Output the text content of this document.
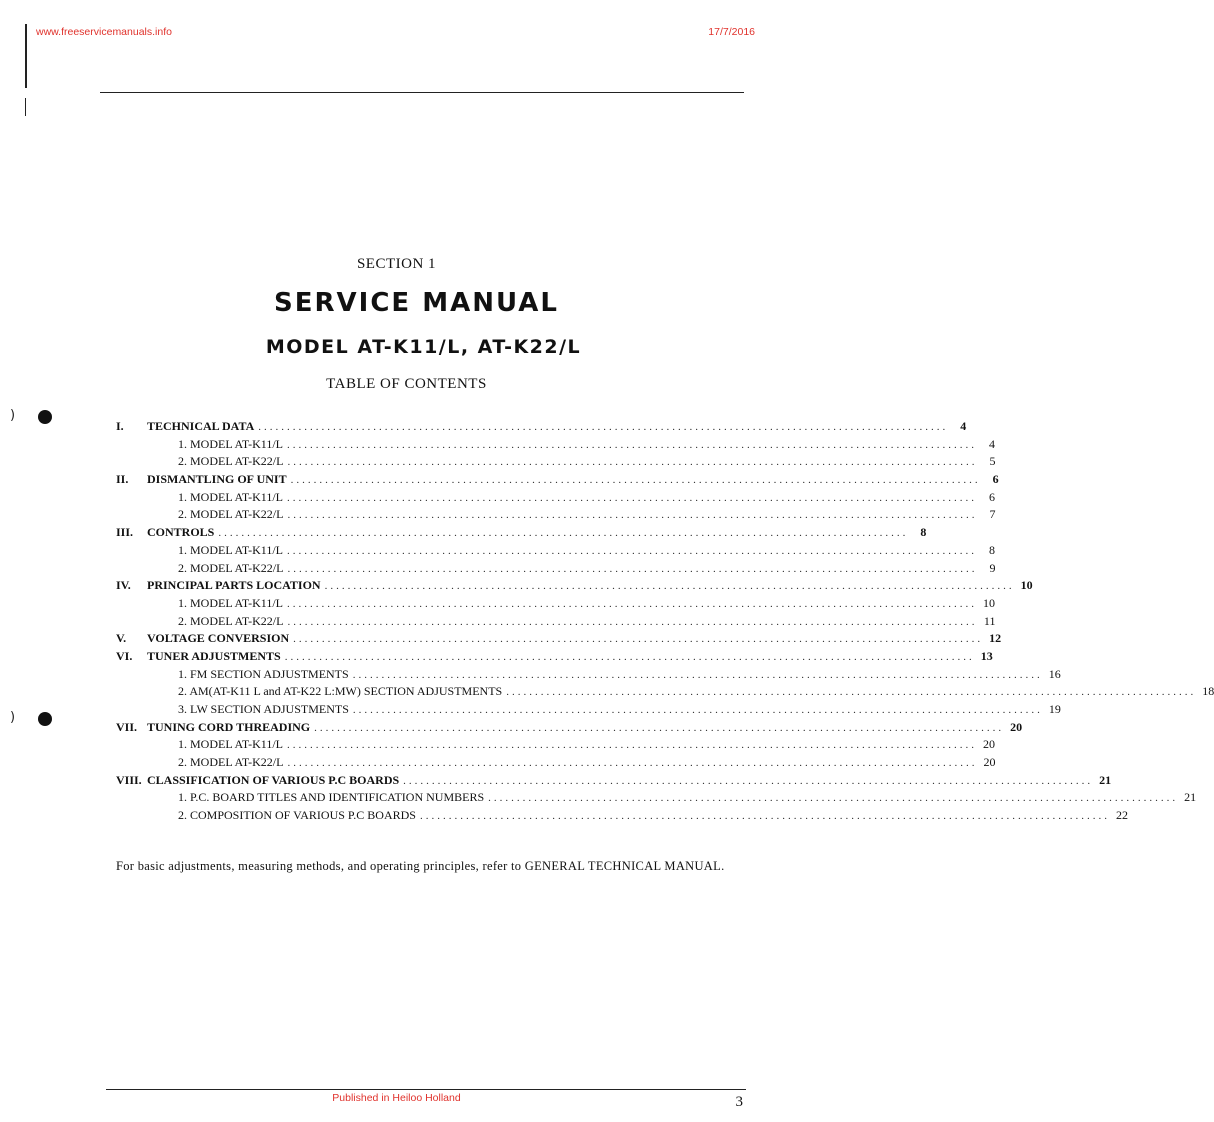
www.freeservicemanuals.info	17/7/2016
SECTION 1
SERVICE MANUAL
MODEL AT-K11/L, AT-K22/L
TABLE OF CONTENTS
)
)
I.	TECHNICAL DATA ........................................................................................................................	4
1. MODEL AT-K11/L ........................................................................................................................	4
2. MODEL AT-K22/L ........................................................................................................................	5
II.	DISMANTLING OF UNIT ........................................................................................................................	6
1. MODEL AT-K11/L ........................................................................................................................	6
2. MODEL AT-K22/L ........................................................................................................................	7
III.	CONTROLS ........................................................................................................................	8
1. MODEL AT-K11/L ........................................................................................................................	8
2. MODEL AT-K22/L ........................................................................................................................	9
IV.	PRINCIPAL PARTS LOCATION ........................................................................................................................ 10
1. MODEL AT-K11/L ........................................................................................................................ 10
2. MODEL AT-K22/L ........................................................................................................................ 11
V.	VOLTAGE CONVERSION ........................................................................................................................ 12
VI.	TUNER ADJUSTMENTS ........................................................................................................................ 13
1. FM SECTION ADJUSTMENTS ........................................................................................................................ 16
2. AM(AT-K11 L and AT-K22 L:MW) SECTION ADJUSTMENTS ........................................................................................................................ 18
3. LW SECTION ADJUSTMENTS ........................................................................................................................ 19
VII. TUNING CORD THREADING ........................................................................................................................ 20
1. MODEL AT-K11/L ........................................................................................................................ 20
2. MODEL AT-K22/L ........................................................................................................................ 20
VIII. CLASSIFICATION OF VARIOUS P.C BOARDS ........................................................................................................................ 21
1. P.C. BOARD TITLES AND IDENTIFICATION NUMBERS ........................................................................................................................ 21
2. COMPOSITION OF VARIOUS P.C BOARDS ........................................................................................................................ 22
For basic adjustments, measuring methods, and operating principles, refer to GENERAL TECHNICAL MANUAL.
Published in Heiloo Holland	3
